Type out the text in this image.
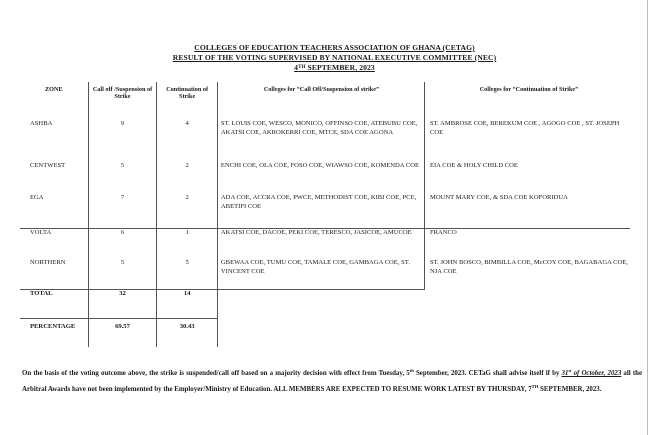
COLLEGES OF EDUCATION TEACHERS ASSOCIATION OF GHANA (CETAG)
RESULT OF THE VOTING SUPERVISED BY NATIONAL EXECUTIVE COMMITTEE (NEC)
4TH SEPTEMBER, 2023
ZONE	Call off /Suspension of Strike	Continuation of Strike	Colleges for “Call Off/Suspension of strike”	Colleges for “Continuation of Strike”
ASHBA	9	4	ST. LOUIS COE, WESCO, MONICO, OFFINSO COE, ATEBUBU COE, AKATSI COE, AKROKERRI COE, MTCE, SDA COE AGONA	ST. AMBROSE COE, BEREKUM COE , AGOGO COE , ST. JOSEPH COE
CENTWEST	5	2	ENCHI COE, OLA COE, FOSO COE, WIAWSO COE, KOMENDA COE	EIA COE & HOLY CHILD COE
EGA	7	2	ADA COE, ACCRA COE, PWCE, METHODIST COE, KIBI COE, PCE, ABETIFI COE	MOUNT MARY COE, & SDA COE KOFORIDUA
VOLTA	6	1	AKATSI COE, DACOE, PEKI COE, TERESCO, JASICOE, AMUCOE	FRANCO
NORTHERN	5	5	GBEWAA COE, TUMU COE, TAMALE COE, GAMBAGA COE, ST. VINCENT COE	ST. JOHN BOSCO, BIMBILLA COE, McCOY COE, BAGABAGA COE, NJA COE
TOTAL	32	14		
PERCENTAGE	69.57	30.43		
On the basis of the voting outcome above, the strike is suspended/call off based on a majority decision with effect from Tuesday, 5th September, 2023. CETaG shall advise itself if by 31st of October, 2023 all the Arbitral Awards have not been implemented by the Employer/Ministry of Education. ALL MEMBERS ARE EXPECTED TO RESUME WORK LATEST BY THURSDAY, 7TH SEPTEMBER, 2023.
